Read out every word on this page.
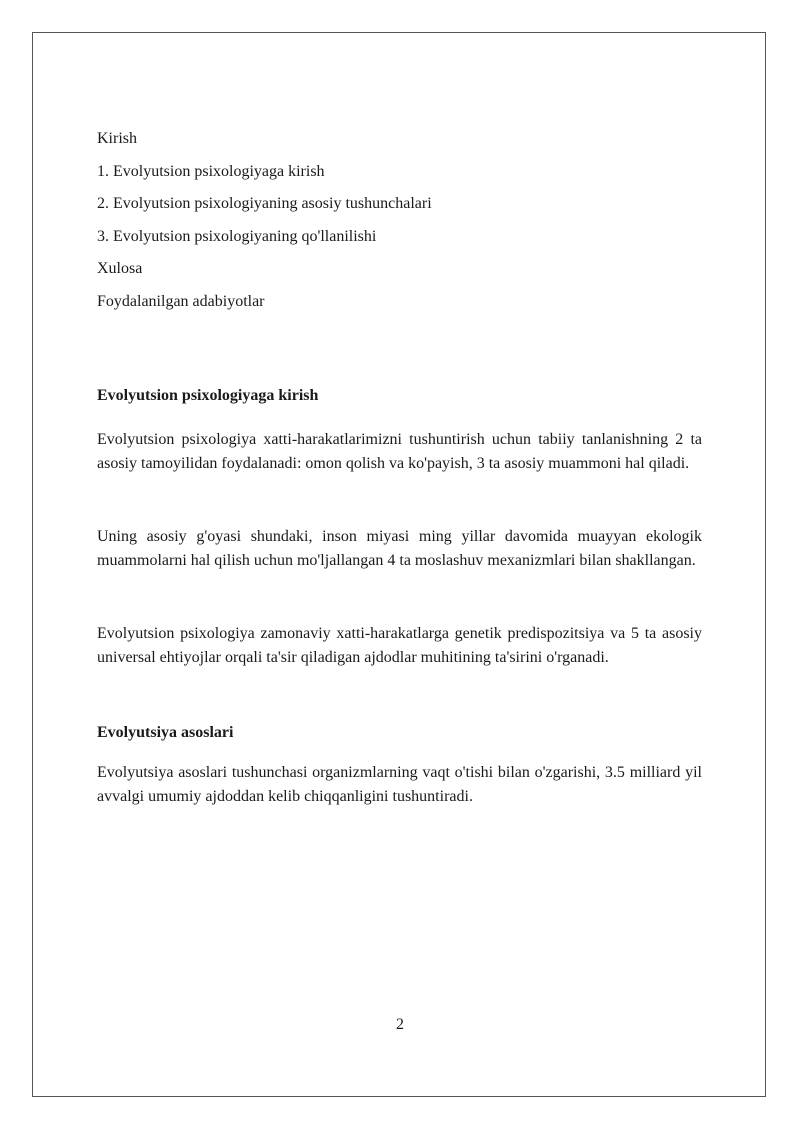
Kirish
1. Evolyutsion psixologiyaga kirish
2. Evolyutsion psixologiyaning asosiy tushunchalari
3. Evolyutsion psixologiyaning qo'llanilishi
Xulosa
Foydalanilgan adabiyotlar
Evolyutsion psixologiyaga kirish

Evolyutsion psixologiya xatti-harakatlarimizni tushuntirish uchun tabiiy tanlanishning 2 ta asosiy tamoyilidan foydalanadi: omon qolish va ko'payish, 3 ta asosiy muammoni hal qiladi.

Uning asosiy g'oyasi shundaki, inson miyasi ming yillar davomida muayyan ekologik muammolarni hal qilish uchun mo'ljallangan 4 ta moslashuv mexanizmlari bilan shakllangan.

Evolyutsion psixologiya zamonaviy xatti-harakatlarga genetik predispozitsiya va 5 ta asosiy universal ehtiyojlar orqali ta'sir qiladigan ajdodlar muhitining ta'sirini o'rganadi.

Evolyutsiya asoslari

Evolyutsiya asoslari tushunchasi organizmlarning vaqt o'tishi bilan o'zgarishi, 3.5 milliard yil avvalgi umumiy ajdoddan kelib chiqqanligini tushuntiradi.

2
